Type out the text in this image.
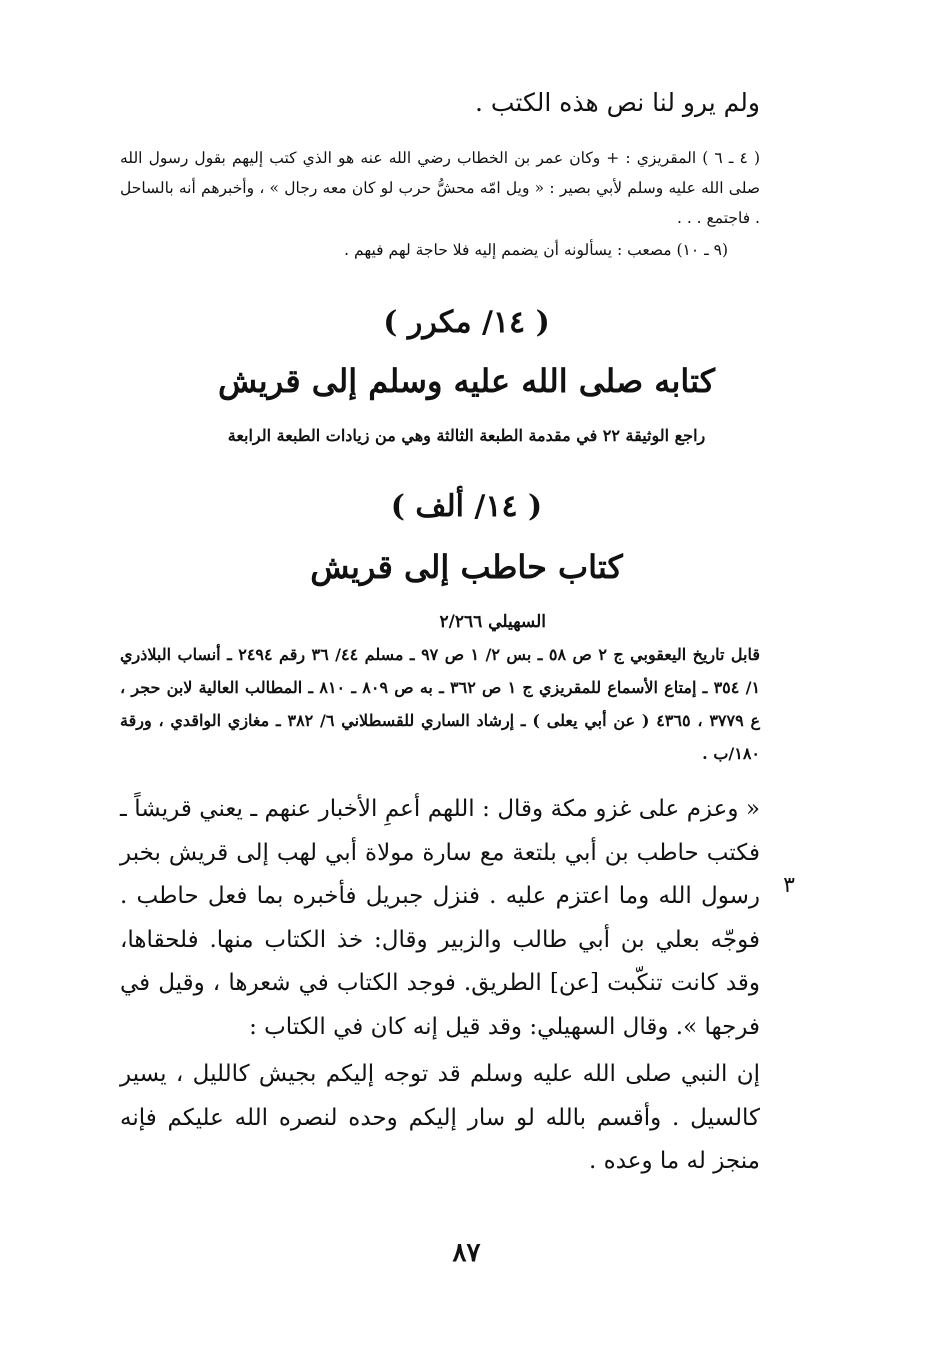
ولم يرو لنا نص هذه الكتب .
( ٤ ـ ٦ ) المقريزي : + وكان عمر بن الخطاب رضي الله عنه هو الذي كتب إليهم بقول رسول الله صلى الله عليه وسلم لأبي بصير : « ويل امّه محشُّ حرب لو كان معه رجال » ، وأخبرهم أنه بالساحل . فاجتمع . . .
(٩ ـ ١٠) مصعب : يسألونه أن يضمم إليه فلا حاجة لهم فيهم .
( ١٤/ مكرر )
كتابه صلى الله عليه وسلم إلى قريش
راجع الوثيقة ٢٢ في مقدمة الطبعة الثالثة وهي من زيادات الطبعة الرابعة
( ١٤/ ألف )
كتاب حاطب إلى قريش
السهيلي ٢/٢٦٦
قابل تاريخ اليعقوبي ج ٢ ص ٥٨ ـ بس ٢/ ١ ص ٩٧ ـ مسلم ٤٤/ ٣٦ رقم ٢٤٩٤ ـ أنساب البلاذري ١/ ٣٥٤ ـ إمتاع الأسماع للمقريزي ج ١ ص ٣٦٢ ـ به ص ٨٠٩ ـ ٨١٠ ـ المطالب العالية لابن حجر ، ع ٣٧٧٩ ، ٤٣٦٥ ( عن أبي يعلى ) ـ إرشاد الساري للقسطلاني ٦/ ٣٨٢ ـ مغازي الواقدي ، ورقة ١٨٠/ب .

« وعزم على غزو مكة وقال : اللهم أعمِ الأخبار عنهم ـ يعني قريشاً ـ فكتب حاطب بن أبي بلتعة مع سارة مولاة أبي لهب إلى قريش بخبر رسول الله وما اعتزم عليه . فنزل جبريل فأخبره بما فعل حاطب . فوجّه بعلي بن أبي طالب والزبير وقال: خذ الكتاب منها. فلحقاها، وقد كانت تنكّبت [عن] الطريق. فوجد الكتاب في شعرها ، وقيل في فرجها ». وقال السهيلي: وقد قيل إنه كان في الكتاب :

إن النبي صلى الله عليه وسلم قد توجه إليكم بجيش كالليل ، يسير كالسيل . وأقسم بالله لو سار إليكم وحده لنصره الله عليكم فإنه منجز له ما وعده .

٣
٨٧
